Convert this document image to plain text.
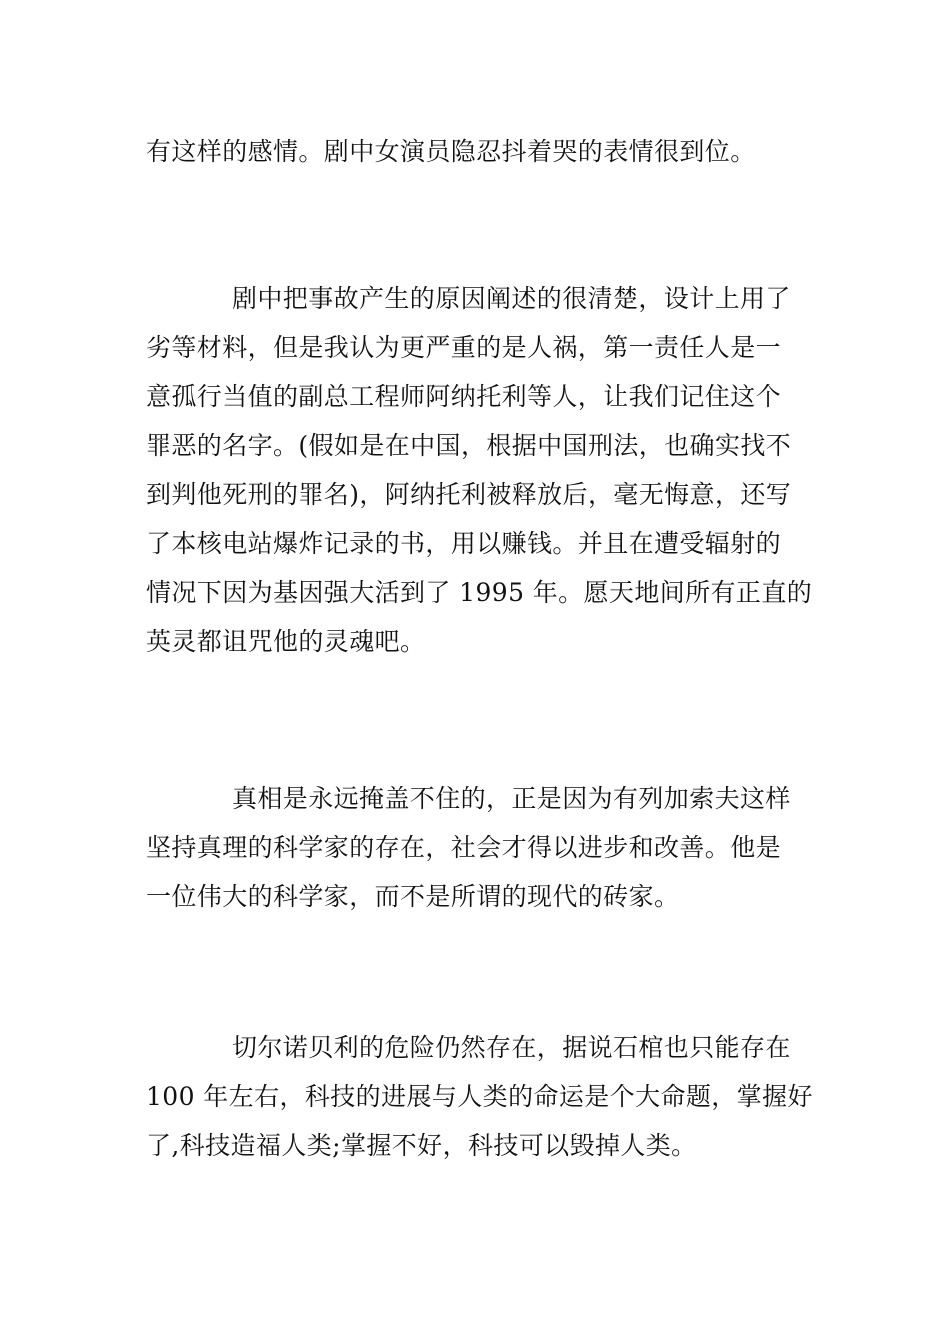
有这样的感情。剧中女演员隐忍抖着哭的表情很到位。

剧中把事故产生的原因阐述的很清楚，设计上用了
劣等材料，但是我认为更严重的是人祸，第一责任人是一
意孤行当值的副总工程师阿纳托利等人，让我们记住这个
罪恶的名字。(假如是在中国，根据中国刑法，也确实找不
到判他死刑的罪名)，阿纳托利被释放后，毫无悔意，还写
了本核电站爆炸记录的书，用以赚钱。并且在遭受辐射的
情况下因为基因强大活到了 1995 年。愿天地间所有正直的
英灵都诅咒他的灵魂吧。

真相是永远掩盖不住的，正是因为有列加索夫这样
坚持真理的科学家的存在，社会才得以进步和改善。他是
一位伟大的科学家，而不是所谓的现代的砖家。

切尔诺贝利的危险仍然存在，据说石棺也只能存在
100 年左右，科技的进展与人类的命运是个大命题，掌握好
了,科技造福人类;掌握不好，科技可以毁掉人类。
